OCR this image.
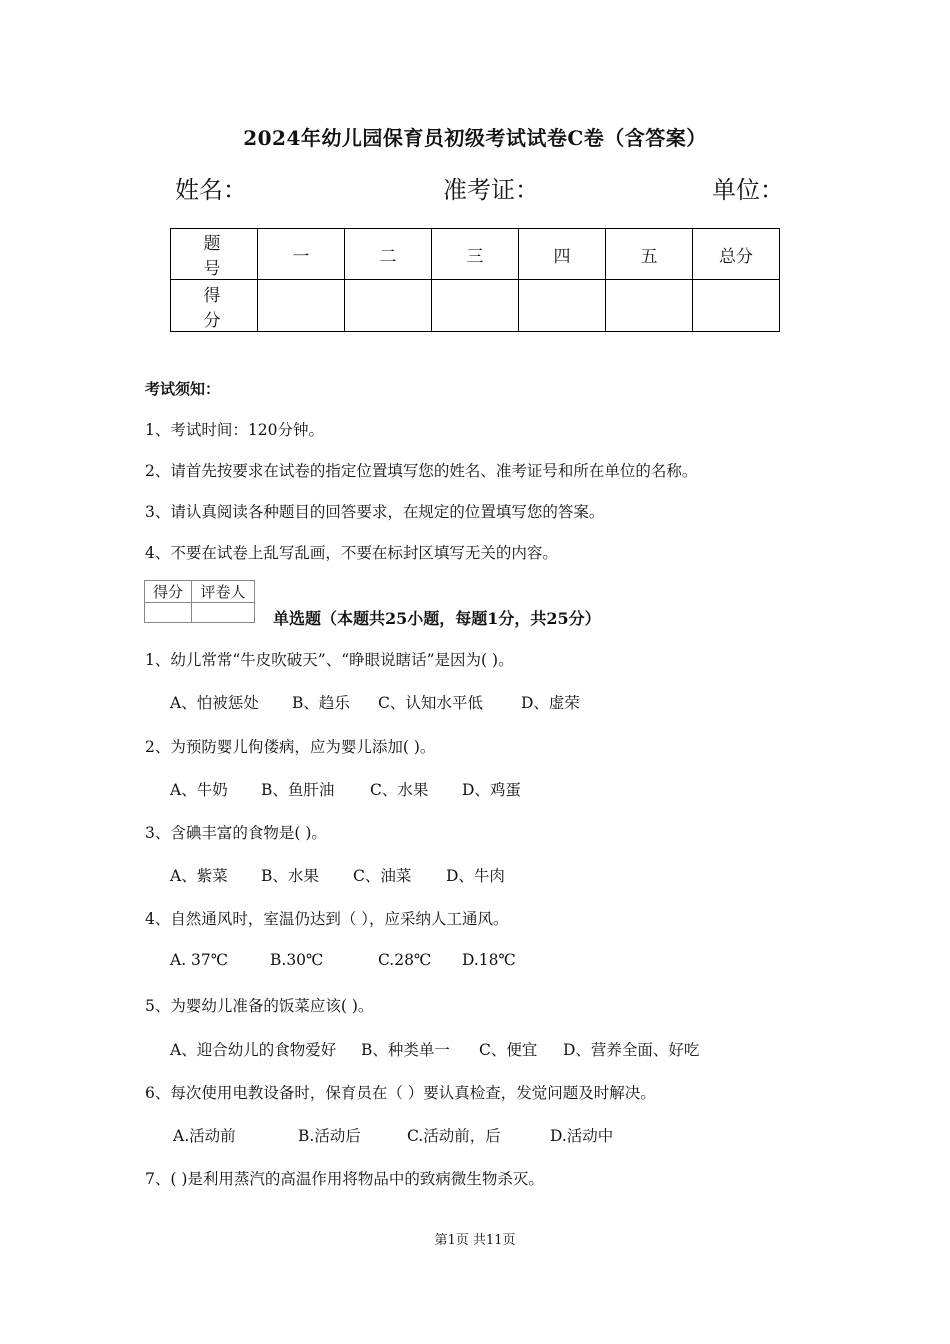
2024年幼儿园保育员初级考试试卷C卷（含答案）
姓名：	准考证：	单位：
题 号	一	二	三	四	五	总分
得 分						
考试须知：
1、考试时间：120分钟。
2、请首先按要求在试卷的指定位置填写您的姓名、准考证号和所在单位的名称。
3、请认真阅读各种题目的回答要求，在规定的位置填写您的答案。
4、不要在试卷上乱写乱画，不要在标封区填写无关的内容。
得分	评卷人

单选题（本题共25小题，每题1分，共25分）
1、幼儿常常“牛皮吹破天”、“睁眼说瞎话”是因为( )。
A、怕被惩处 B、趋乐 C、认知水平低 D、虚荣
2、为预防婴儿佝偻病，应为婴儿添加( )。
A、牛奶 B、鱼肝油 C、水果 D、鸡蛋
3、含碘丰富的食物是( )。
A、紫菜 B、水果 C、油菜 D、牛肉
4、自然通风时，室温仍达到（ ），应采纳人工通风。
A. 37℃	B.30℃	C.28℃ D.18℃
5、为婴幼儿准备的饭菜应该( )。
A、迎合幼儿的食物爱好 B、种类单一 C、便宜 D、营养全面、好吃
6、每次使用电教设备时，保育员在（ ）要认真检查，发觉问题及时解决。
A.活动前	B.活动后	C.活动前，后	D.活动中
7、( )是利用蒸汽的高温作用将物品中的致病微生物杀灭。
第1页 共11页
